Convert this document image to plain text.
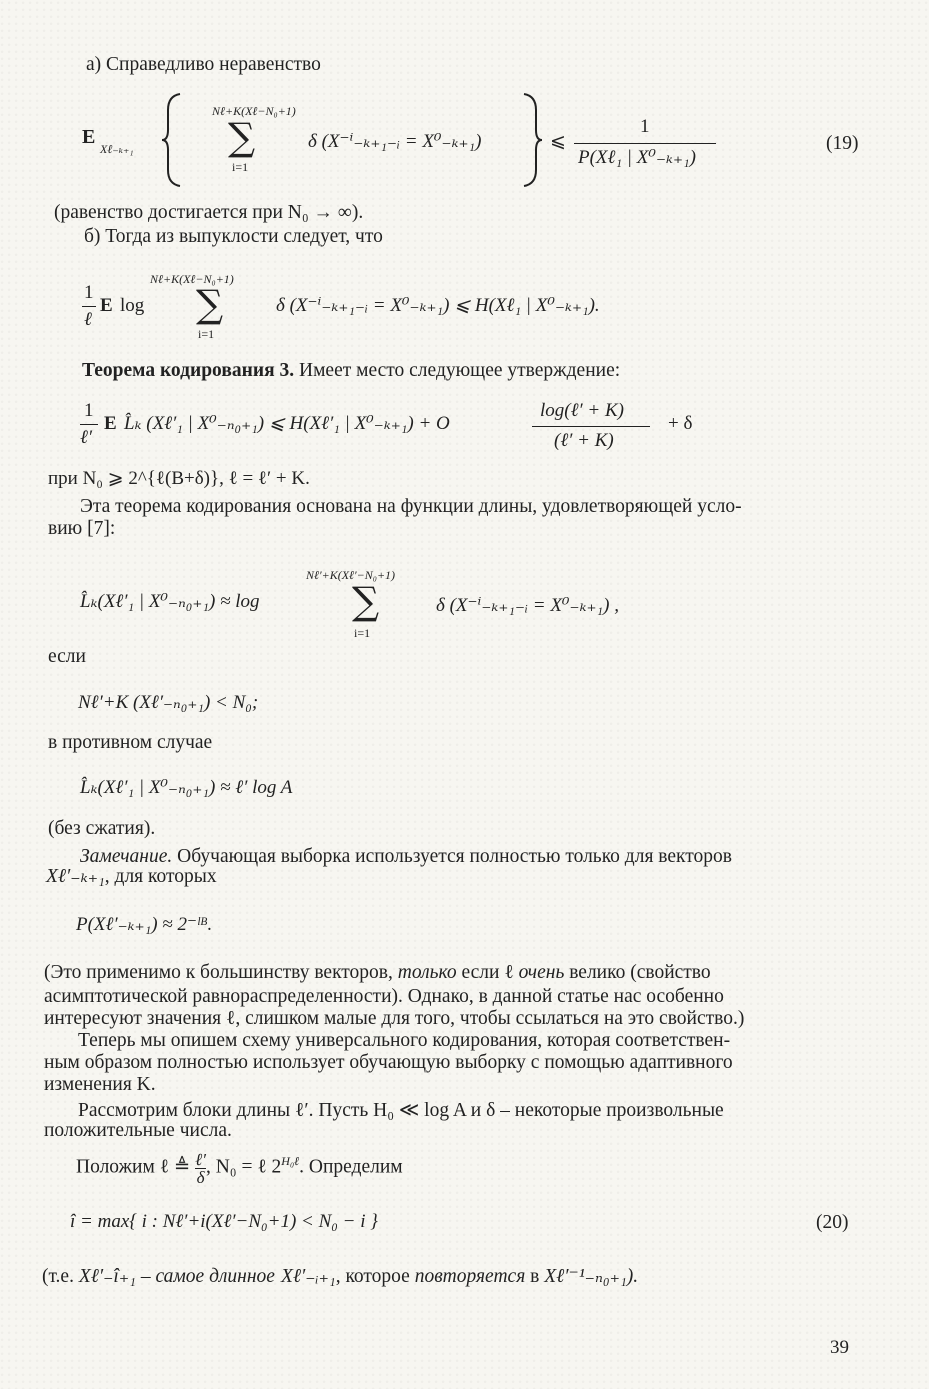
а) Справедливо неравенство
E
Xℓ₋ₖ₊₁
Nℓ+K(Xℓ−N₀+1)
∑
i=1
δ (X⁻ⁱ₋ₖ₊₁₋ᵢ = X⁰₋ₖ₊₁)	⩽
1
P(Xℓ₁ | X⁰₋ₖ₊₁)
(19)
(равенство достигается при N₀ → ∞).
б) Тогда из выпуклости следует, что
1
ℓ
E log
Nℓ+K(Xℓ−N₀+1)
∑
i=1
δ (X⁻ⁱ₋ₖ₊₁₋ᵢ = X⁰₋ₖ₊₁) ⩽ H(Xℓ₁ | X⁰₋ₖ₊₁).
Теорема кодирования 3. Имеет место следующее утверждение:
1
ℓ′
E L̂ₖ (Xℓ′₁ | X⁰₋ₙ₀₊₁) ⩽ H(Xℓ′₁ | X⁰₋ₖ₊₁) + O
log(ℓ′ + K)
(ℓ′ + K)
+ δ
при N₀ ⩾ 2^{ℓ(B+δ)}, ℓ = ℓ′ + K.
Эта теорема кодирования основана на функции длины, удовлетворяющей усло-
вию [7]:
Nℓ′+K(Xℓ′−N₀+1)
L̂ₖ(Xℓ′₁ | X⁰₋ₙ₀₊₁) ≈ log ∑
i=1
δ (X⁻ⁱ₋ₖ₊₁₋ᵢ = X⁰₋ₖ₊₁) ,
если
Nℓ′+K (Xℓ′₋ₙ₀₊₁) < N₀;
в противном случае
L̂ₖ(Xℓ′₁ | X⁰₋ₙ₀₊₁) ≈ ℓ′ log A
(без сжатия).
Замечание. Обучающая выборка используется полностью только для векторов
Xℓ′₋ₖ₊₁, для которых
P(Xℓ′₋ₖ₊₁) ≈ 2⁻ˡᴮ.
(Это применимо к большинству векторов, только если ℓ очень велико (свойство
асимптотической равнораспределенности). Однако, в данной статье нас особенно
интересуют значения ℓ, слишком малые для того, чтобы ссылаться на это свойство.)
Теперь мы опишем схему универсального кодирования, которая соответствен-
ным образом полностью использует обучающую выборку с помощью адаптивного
изменения K.
Рассмотрим блоки длины ℓ′. Пусть H₀ ≪ log A и δ – некоторые произвольные
положительные числа.
Положим ℓ ≜ ℓ′
δ , N₀ = ℓ $2^{H_0\ell}$. Определим
î = max{ i : Nℓ′+i(Xℓ′−N₀+1) < N₀ − i }	(20)
(т.е. Xℓ′₋î₊₁ – самое длинное Xℓ′₋ᵢ₊₁, которое повторяется в Xℓ′⁻¹₋ₙ₀₊₁).
39
